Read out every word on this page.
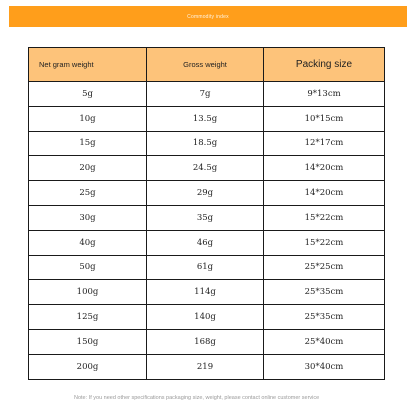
Commodity index
Net gram weight	Gross weight	Packing size
5g	7g	9*13cm
10g	13.5g	10*15cm
15g	18.5g	12*17cm
20g	24.5g	14*20cm
25g	29g	14*20cm
30g	35g	15*22cm
40g	46g	15*22cm
50g	61g	25*25cm
100g	114g	25*35cm
125g	140g	25*35cm
150g	168g	25*40cm
200g	219	30*40cm
Note: If you need other specifications packaging size, weight, please contact online customer service
